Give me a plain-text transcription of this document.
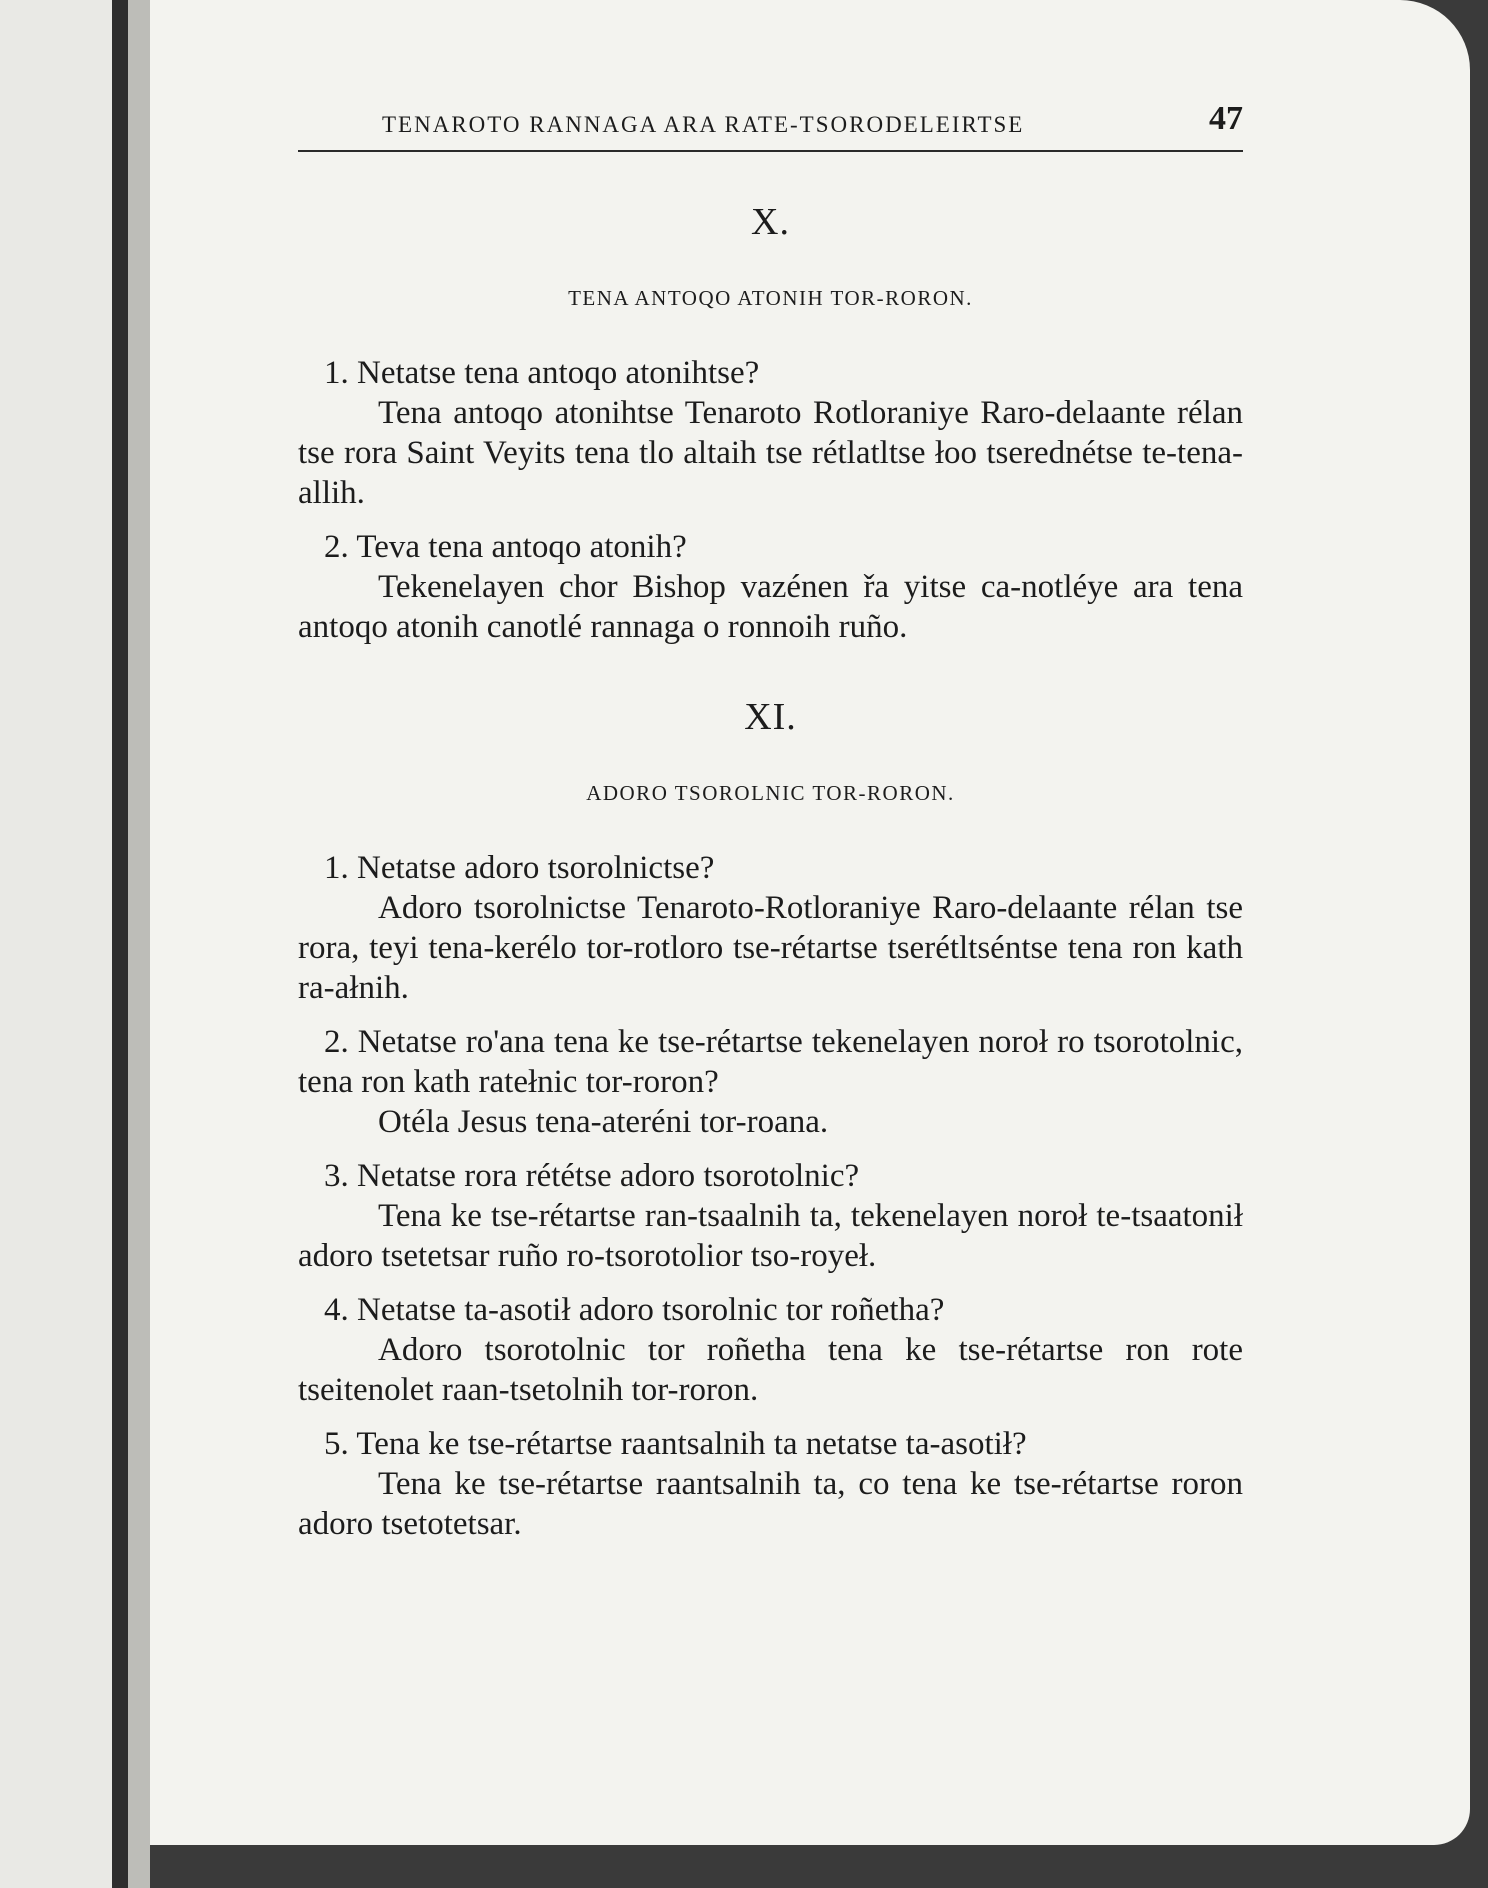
TENAROTO RANNAGA ARA RATE-TSORODELEIRTSE	47
X.
TENA ANTOQO ATONIH TOR-RORON.

1. Netatse tena antoqo atonihtse?

Tena antoqo atonihtse Tenaroto Rotloraniye Raro-delaante rélan tse rora Saint Veyits tena tlo altaih tse rétlatltse łoo tserednétse te-tena-allih.

2. Teva tena antoqo atonih?

Tekenelayen chor Bishop vazénen řa yitse ca-notléye ara tena antoqo atonih canotlé rannaga o ronnoih ruño.

XI.
ADORO TSOROLNIC TOR-RORON.

1. Netatse adoro tsorolnictse?

Adoro tsorolnictse Tenaroto-Rotloraniye Raro-delaante rélan tse rora, teyi tena-kerélo tor-rotloro tse-rétartse tserétltséntse tena ron kath ra-ałnih.

2. Netatse ro'ana tena ke tse-rétartse tekenelayen noroł ro tsorotolnic, tena ron kath ratełnic tor-roron?

Otéla Jesus tena-ateréni tor-roana.

3. Netatse rora rététse adoro tsorotolnic?

Tena ke tse-rétartse ran-tsaalnih ta, tekenelayen noroł te-tsaatonił adoro tsetetsar ruño ro-tsorotolior tso-royeł.

4. Netatse ta-asotił adoro tsorolnic tor roñetha?

Adoro tsorotolnic tor roñetha tena ke tse-rétartse ron rote tseitenolet raan-tsetolnih tor-roron.

5. Tena ke tse-rétartse raantsalnih ta netatse ta-asotił?

Tena ke tse-rétartse raantsalnih ta, co tena ke tse-rétartse roron adoro tsetotetsar.
